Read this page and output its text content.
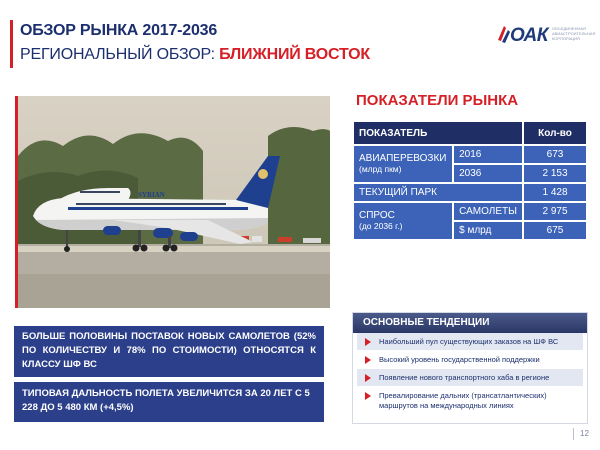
ОБЗОР РЫНКА 2017-2036
РЕГИОНАЛЬНЫЙ ОБЗОР: БЛИЖНИЙ ВОСТОК
ОАК ОБЪЕДИНЕННАЯ АВИАСТРОИТЕЛЬНАЯ КОРПОРАЦИЯ
SYRIAN
ПОКАЗАТЕЛИ РЫНКА
ПОКАЗАТЕЛЬ		Кол-во
АВИАПЕРЕВОЗКИ
(млрд пкм)	2016	673
	2036	2 153
ТЕКУЩИЙ ПАРК		1 428
СПРОС
(до 2036 г.)	САМОЛЕТЫ	2 975
	$ млрд	675
БОЛЬШЕ ПОЛОВИНЫ ПОСТАВОК НОВЫХ САМОЛЕТОВ (52% ПО КОЛИЧЕСТВУ И 78% ПО СТОИМОСТИ) ОТНОСЯТСЯ К КЛАССУ ШФ ВС
ТИПОВАЯ ДАЛЬНОСТЬ ПОЛЕТА УВЕЛИЧИТСЯ ЗА 20 ЛЕТ С 5 228 ДО 5 480 КМ (+4,5%)
ОСНОВНЫЕ ТЕНДЕНЦИИ
Наибольший пул существующих заказов на ШФ ВС
Высокий уровень государственной поддержки
Появление нового транспортного хаба в регионе
Превалирование дальних (трансатлантических) маршрутов на международных линиях
12
